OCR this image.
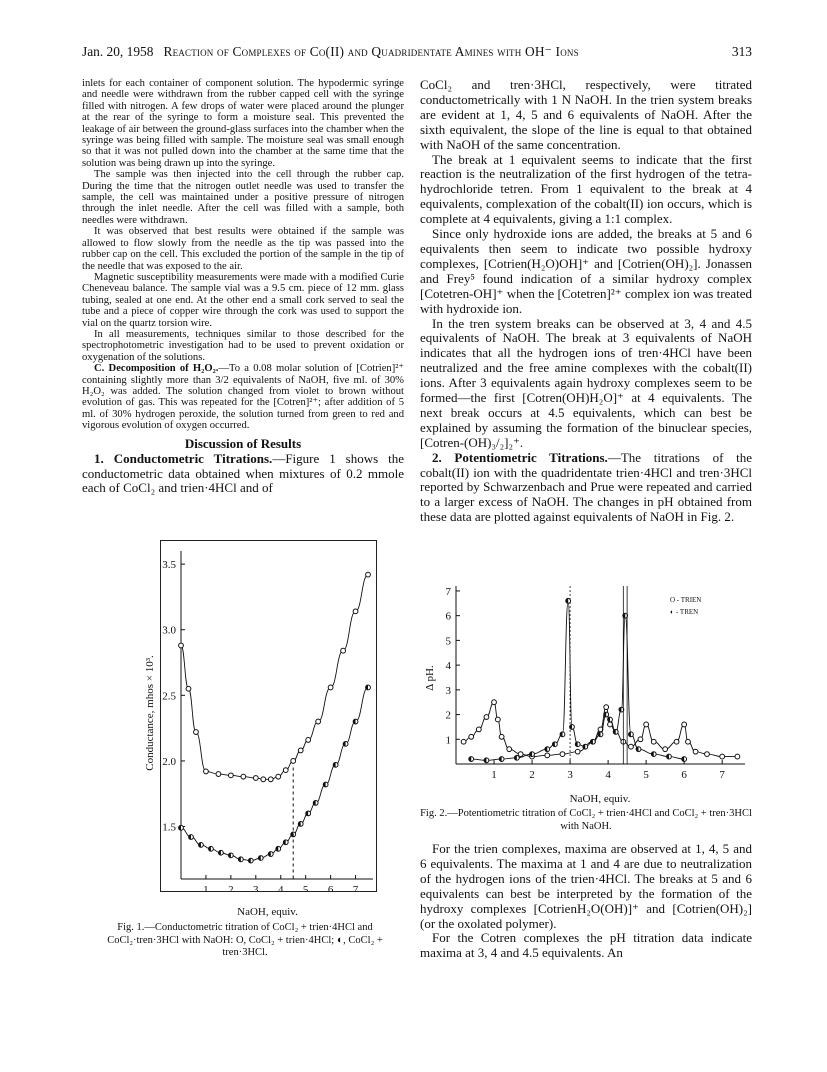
Jan. 20, 1958 Reaction of Complexes of Co(II) and Quadridentate Amines with OH⁻ Ions	313

inlets for each container of component solution. The hypodermic syringe and needle were withdrawn from the rubber capped cell with the syringe filled with nitrogen. A few drops of water were placed around the plunger at the rear of the syringe to form a moisture seal. This prevented the leakage of air between the ground-glass surfaces into the chamber when the syringe was being filled with sample. The moisture seal was small enough so that it was not pulled down into the chamber at the same time that the solution was being drawn up into the syringe.

The sample was then injected into the cell through the rubber cap. During the time that the nitrogen outlet needle was used to transfer the sample, the cell was maintained under a positive pressure of nitrogen through the inlet needle. After the cell was filled with a sample, both needles were withdrawn.

It was observed that best results were obtained if the sample was allowed to flow slowly from the needle as the tip was passed into the rubber cap on the cell. This excluded the portion of the sample in the tip of the needle that was exposed to the air.

Magnetic susceptibility measurements were made with a modified Curie Cheneveau balance. The sample vial was a 9.5 cm. piece of 12 mm. glass tubing, sealed at one end. At the other end a small cork served to seal the tube and a piece of copper wire through the cork was used to support the vial on the quartz torsion wire.

In all measurements, techniques similar to those described for the spectrophotometric investigation had to be used to prevent oxidation or oxygenation of the solutions.

C. Decomposition of H₂O₂.—To a 0.08 molar solution of [Cotrien]²⁺ containing slightly more than 3/2 equivalents of NaOH, five ml. of 30% H₂O₂ was added. The solution changed from violet to brown without evolution of gas. This was repeated for the [Cotren]²⁺; after addition of 5 ml. of 30% hydrogen peroxide, the solution turned from green to red and vigorous evolution of oxygen occurred.

Discussion of Results

1. Conductometric Titrations.—Figure 1 shows the conductometric data obtained when mixtures of 0.2 mmole each of CoCl₂ and trien·4HCl and of

1 2 3 4 5 6 7
1.5
2.0
2.5
3.0
3.5
NaOH, equiv.
Conductance, mhos × 10³.
Fig. 1.—Conductometric titration of CoCl₂ + trien·4HCl and CoCl₂·tren·3HCl with NaOH: O, CoCl₂ + trien·4HCl; ◐, CoCl₂ + tren·3HCl.

CoCl₂ and tren·3HCl, respectively, were titrated conductometrically with 1 N NaOH. In the trien system breaks are evident at 1, 4, 5 and 6 equivalents of NaOH. After the sixth equivalent, the slope of the line is equal to that obtained with NaOH of the same concentration.

The break at 1 equivalent seems to indicate that the first reaction is the neutralization of the first hydrogen of the tetra-hydrochloride tetren. From 1 equivalent to the break at 4 equivalents, complexation of the cobalt(II) ion occurs, which is complete at 4 equivalents, giving a 1:1 complex.

Since only hydroxide ions are added, the breaks at 5 and 6 equivalents then seem to indicate two possible hydroxy complexes, [Cotrien(H₂O)OH]⁺ and [Cotrien(OH)₂]. Jonassen and Frey⁵ found indication of a similar hydroxy complex [Cotetren-OH]⁺ when the [Cotetren]²⁺ complex ion was treated with hydroxide ion.

In the tren system breaks can be observed at 3, 4 and 4.5 equivalents of NaOH. The break at 3 equivalents of NaOH indicates that all the hydrogen ions of tren·4HCl have been neutralized and the free amine complexes with the cobalt(II) ions. After 3 equivalents again hydroxy complexes seem to be formed—the first [Cotren(OH)H₂O]⁺ at 4 equivalents. The next break occurs at 4.5 equivalents, which can best be explained by assuming the formation of the binuclear species, [Cotren-(OH)₃/₂]₂⁺.

2. Potentiometric Titrations.—The titrations of the cobalt(II) ion with the quadridentate trien·4HCl and tren·3HCl reported by Schwarzenbach and Prue were repeated and carried to a larger excess of NaOH. The changes in pH obtained from these data are plotted against equivalents of NaOH in Fig. 2.

1	2	3	4	5	6	7
1
2
3
4
5
6
7
O - TRIEN
◐ - TREN
NaOH, equiv.
Δ pH.
Fig. 2.—Potentiometric titration of CoCl₂ + trien·4HCl and CoCl₂ + tren·3HCl with NaOH.

For the trien complexes, maxima are observed at 1, 4, 5 and 6 equivalents. The maxima at 1 and 4 are due to neutralization of the hydrogen ions of the trien·4HCl. The breaks at 5 and 6 equivalents can best be interpreted by the formation of the hydroxy complexes [CotrienH₂O(OH)]⁺ and [Cotrien(OH)₂] (or the oxolated polymer).

For the Cotren complexes the pH titration data indicate maxima at 3, 4 and 4.5 equivalents. An
